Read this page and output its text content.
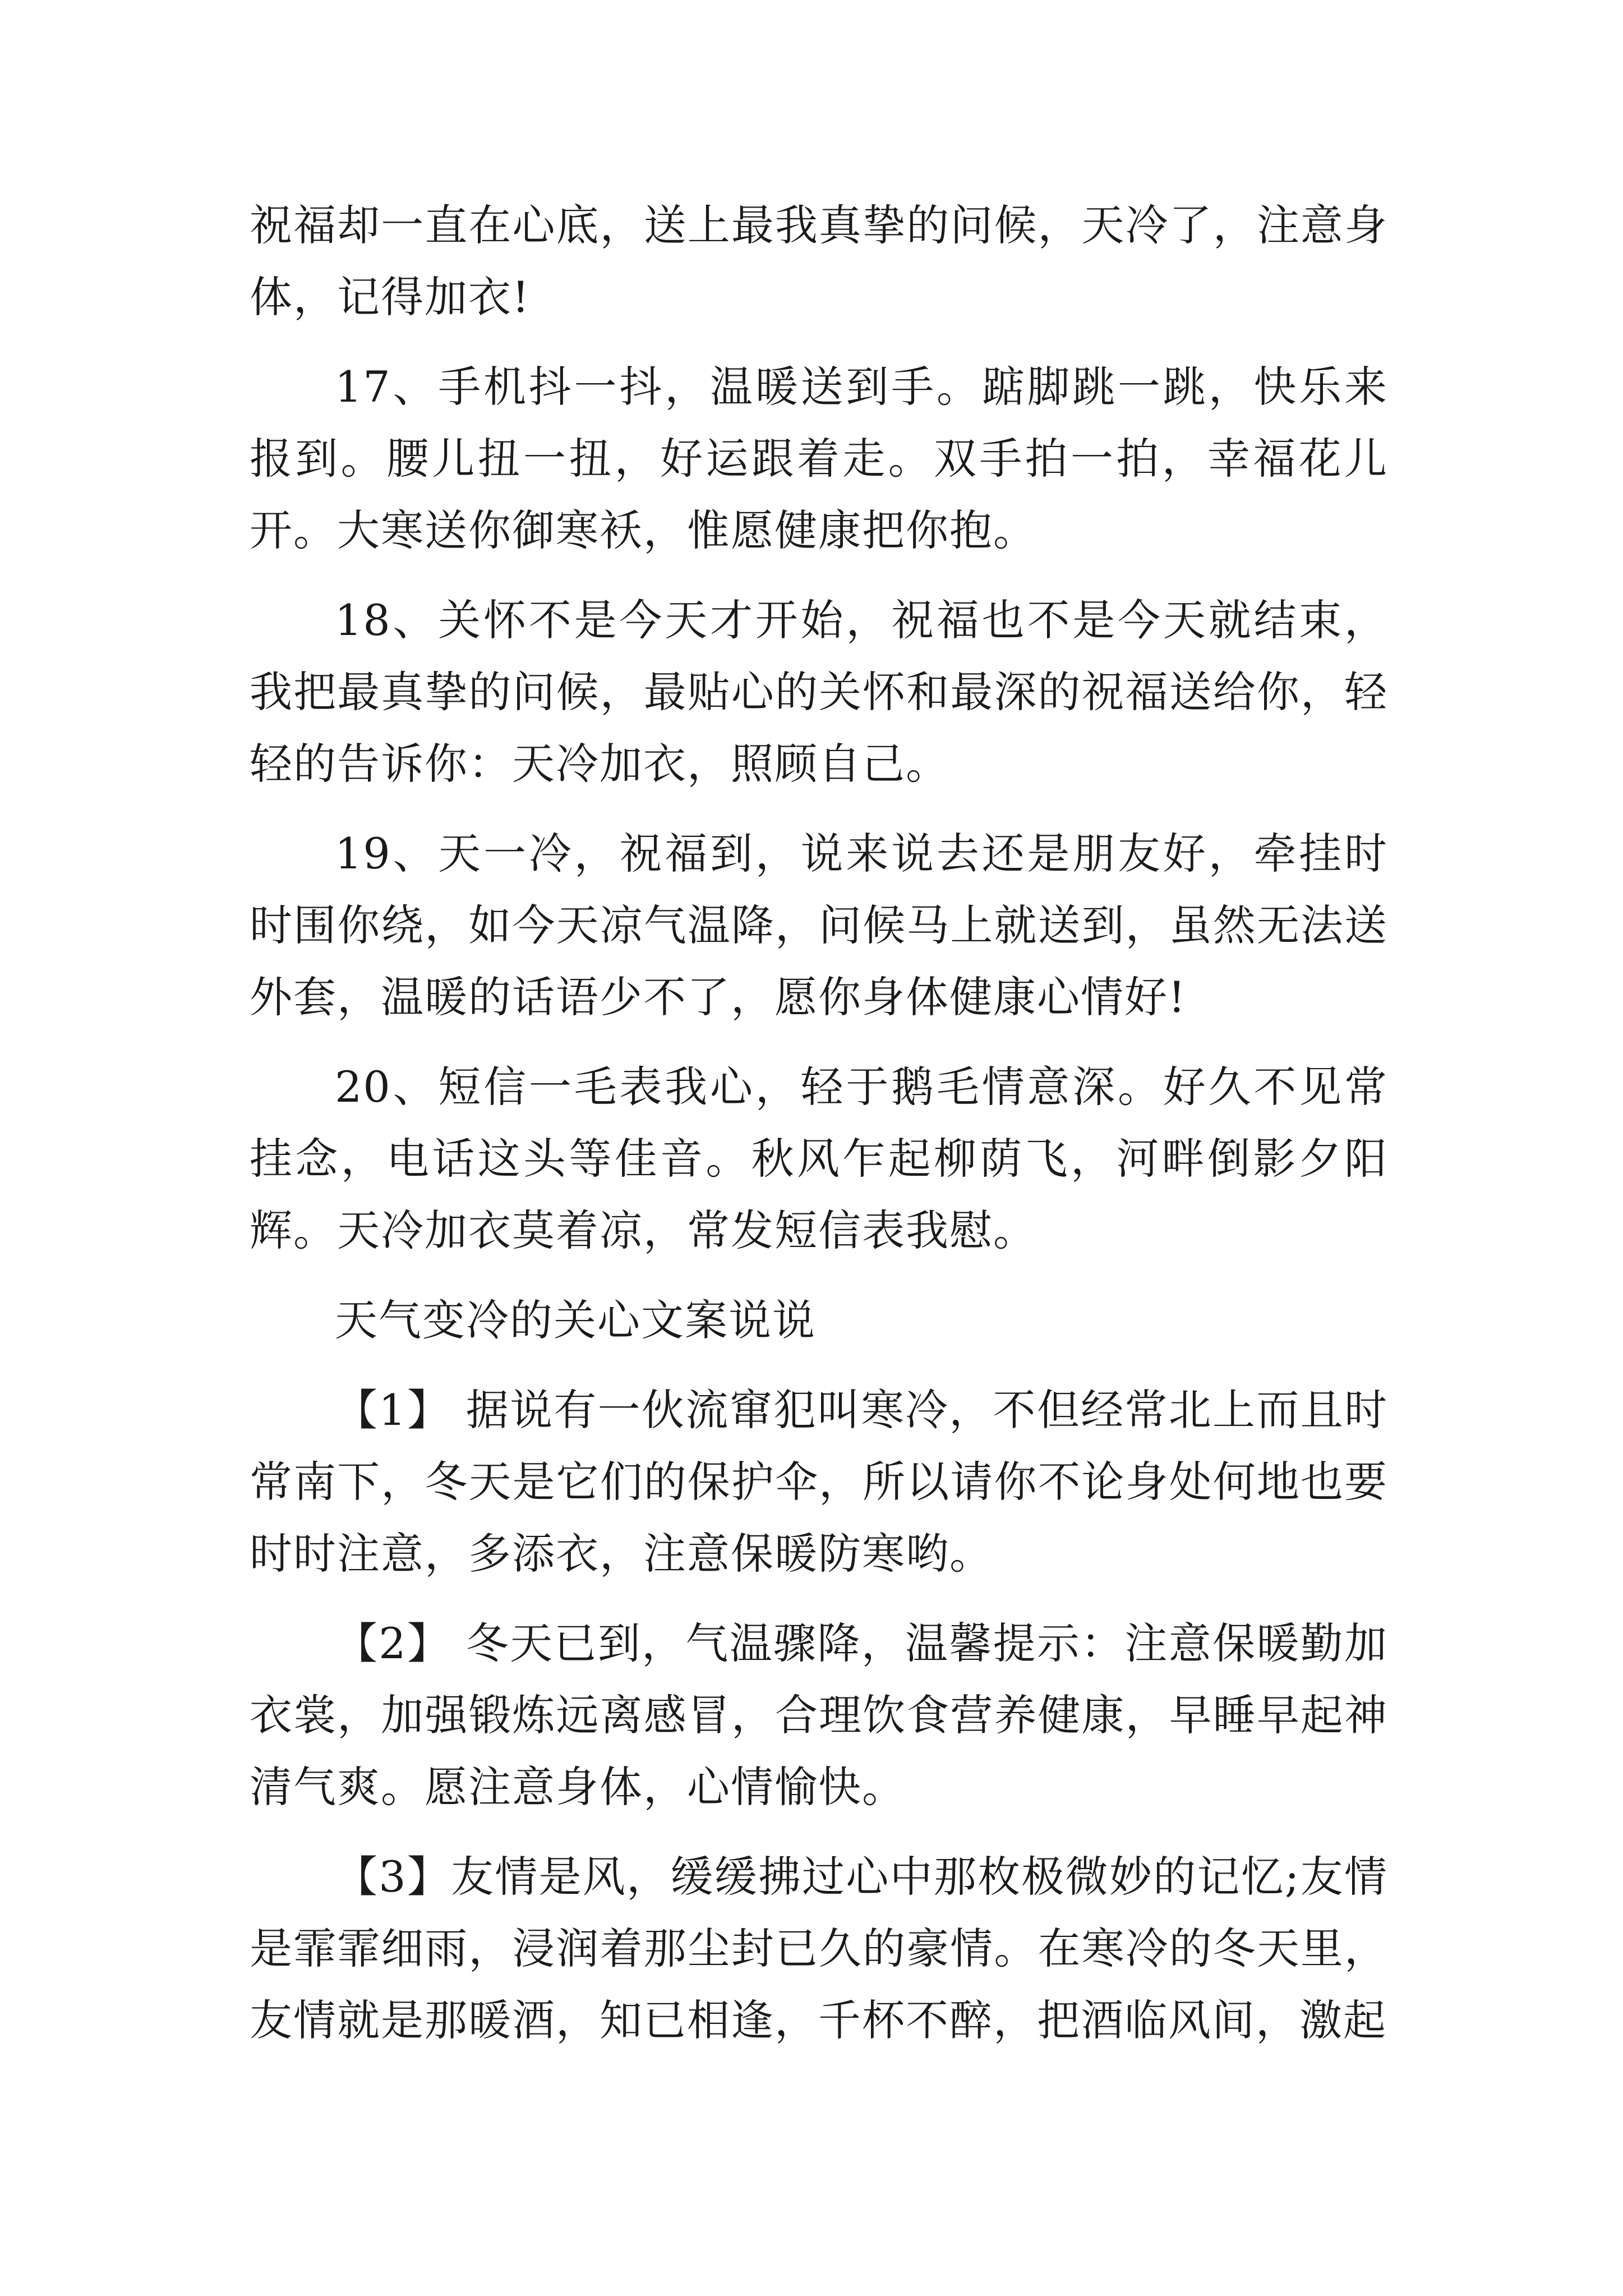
祝福却一直在心底，送上最我真挚的问候，天冷了，注意身体，记得加衣!

17、手机抖一抖，温暖送到手。踮脚跳一跳，快乐来报到。腰儿扭一扭，好运跟着走。双手拍一拍，幸福花儿开。大寒送你御寒袄，惟愿健康把你抱。

18、关怀不是今天才开始，祝福也不是今天就结束，我把最真挚的问候，最贴心的关怀和最深的祝福送给你，轻轻的告诉你：天冷加衣，照顾自己。

19、天一冷，祝福到，说来说去还是朋友好，牵挂时时围你绕，如今天凉气温降，问候马上就送到，虽然无法送外套，温暖的话语少不了，愿你身体健康心情好!

20、短信一毛表我心，轻于鹅毛情意深。好久不见常挂念，电话这头等佳音。秋风乍起柳荫飞，河畔倒影夕阳辉。天冷加衣莫着凉，常发短信表我慰。

天气变冷的关心文案说说

【1】 据说有一伙流窜犯叫寒冷，不但经常北上而且时常南下，冬天是它们的保护伞，所以请你不论身处何地也要时时注意，多添衣，注意保暖防寒哟。

【2】 冬天已到，气温骤降，温馨提示：注意保暖勤加衣裳，加强锻炼远离感冒，合理饮食营养健康，早睡早起神清气爽。愿注意身体，心情愉快。

【3】友情是风，缓缓拂过心中那枚极微妙的记忆;友情是霏霏细雨，浸润着那尘封已久的豪情。在寒冷的冬天里，友情就是那暖酒，知已相逢，千杯不醉，把酒临风间，激起
